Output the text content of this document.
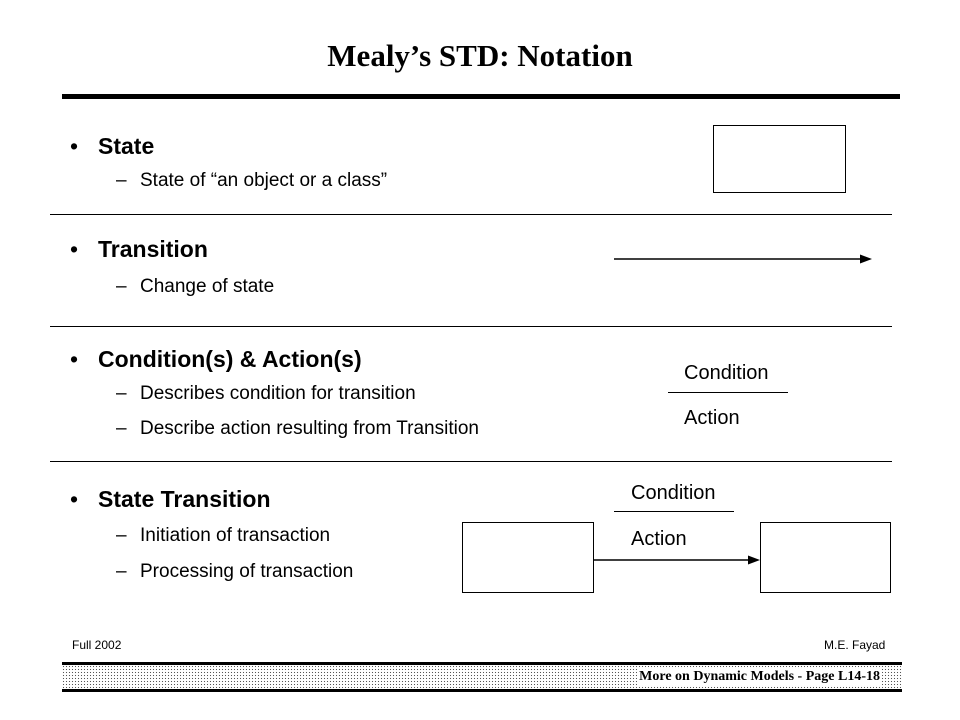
Mealy’s STD: Notation
• State
– State of “an object or a class”
• Transition
– Change of state
• Condition(s) & Action(s)
– Describes condition for transition
– Describe action resulting from Transition
Condition
Action
• State Transition
– Initiation of transaction
– Processing of transaction
Condition
Action
Full 2002	M.E. Fayad
More on Dynamic Models - Page L14-18
